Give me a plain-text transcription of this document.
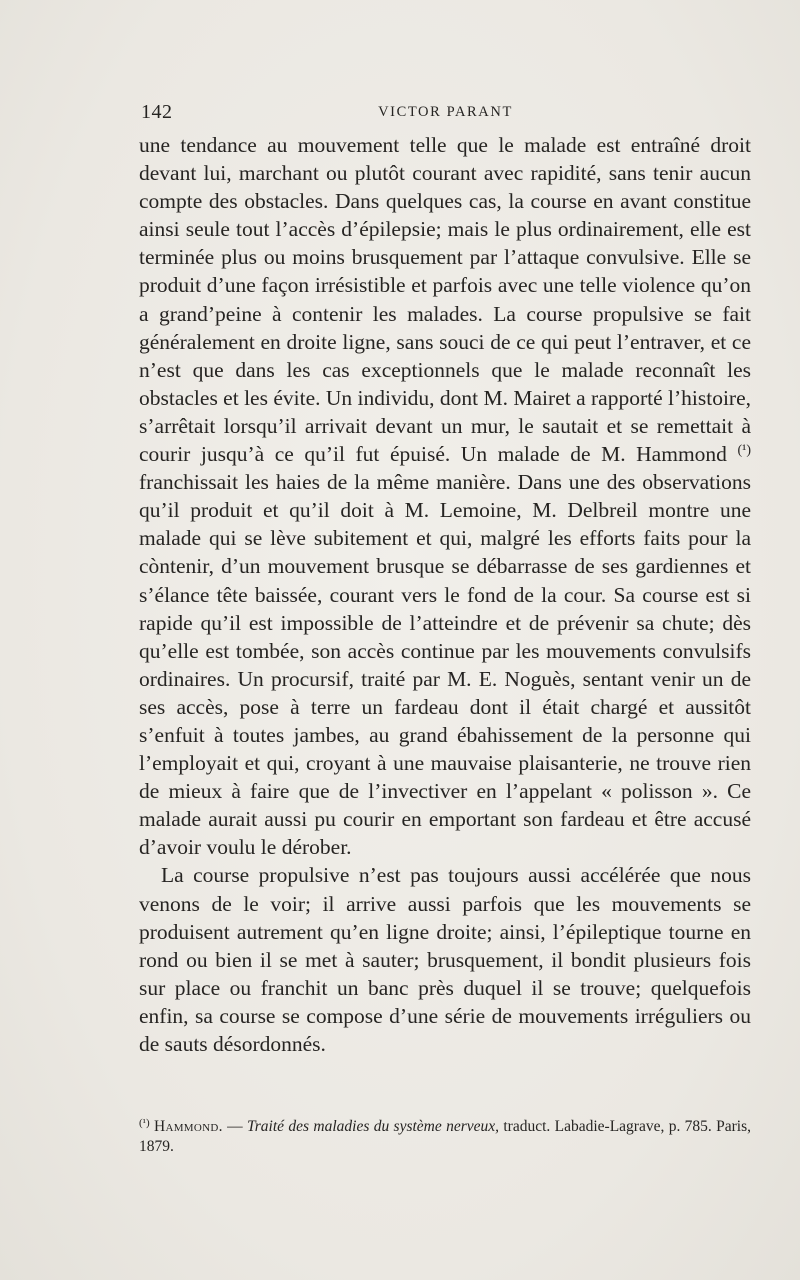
142	VICTOR PARANT

une tendance au mouvement telle que le malade est entraîné droit devant lui, marchant ou plutôt courant avec rapidité, sans tenir aucun compte des obstacles. Dans quelques cas, la course en avant constitue ainsi seule tout l’accès d’épilepsie; mais le plus ordinairement, elle est terminée plus ou moins brusquement par l’attaque convulsive. Elle se produit d’une façon irrésistible et parfois avec une telle violence qu’on a grand’peine à contenir les malades. La course propulsive se fait généralement en droite ligne, sans souci de ce qui peut l’entraver, et ce n’est que dans les cas exceptionnels que le malade reconnaît les obstacles et les évite. Un individu, dont M. Mairet a rapporté l’histoire, s’arrêtait lorsqu’il arrivait devant un mur, le sautait et se remettait à courir jusqu’à ce qu’il fut épuisé. Un malade de M. Hammond $^{(^1)}$ franchissait les haies de la même manière. Dans une des observations qu’il produit et qu’il doit à M. Lemoine, M. Delbreil montre une malade qui se lève subitement et qui, malgré les efforts faits pour la còntenir, d’un mouvement brusque se débarrasse de ses gardiennes et s’élance tête baissée, courant vers le fond de la cour. Sa course est si rapide qu’il est impossible de l’atteindre et de prévenir sa chute; dès qu’elle est tombée, son accès continue par les mouvements convulsifs ordinaires. Un procursif, traité par M. E. Noguès, sentant venir un de ses accès, pose à terre un fardeau dont il était chargé et aussitôt s’enfuit à toutes jambes, au grand ébahissement de la personne qui l’employait et qui, croyant à une mauvaise plaisanterie, ne trouve rien de mieux à faire que de l’invectiver en l’appelant « polisson ». Ce malade aurait aussi pu courir en emportant son fardeau et être accusé d’avoir voulu le dérober.

La course propulsive n’est pas toujours aussi accélérée que nous venons de le voir; il arrive aussi parfois que les mouvements se produisent autrement qu’en ligne droite; ainsi, l’épileptique tourne en rond ou bien il se met à sauter; brusquement, il bondit plusieurs fois sur place ou franchit un banc près duquel il se trouve; quelquefois enfin, sa course se compose d’une série de mouvements irréguliers ou de sauts désordonnés.

$^{(^1)}$ Hammond. — Traité des maladies du système nerveux, traduct. Labadie-Lagrave, p. 785. Paris, 1879.
